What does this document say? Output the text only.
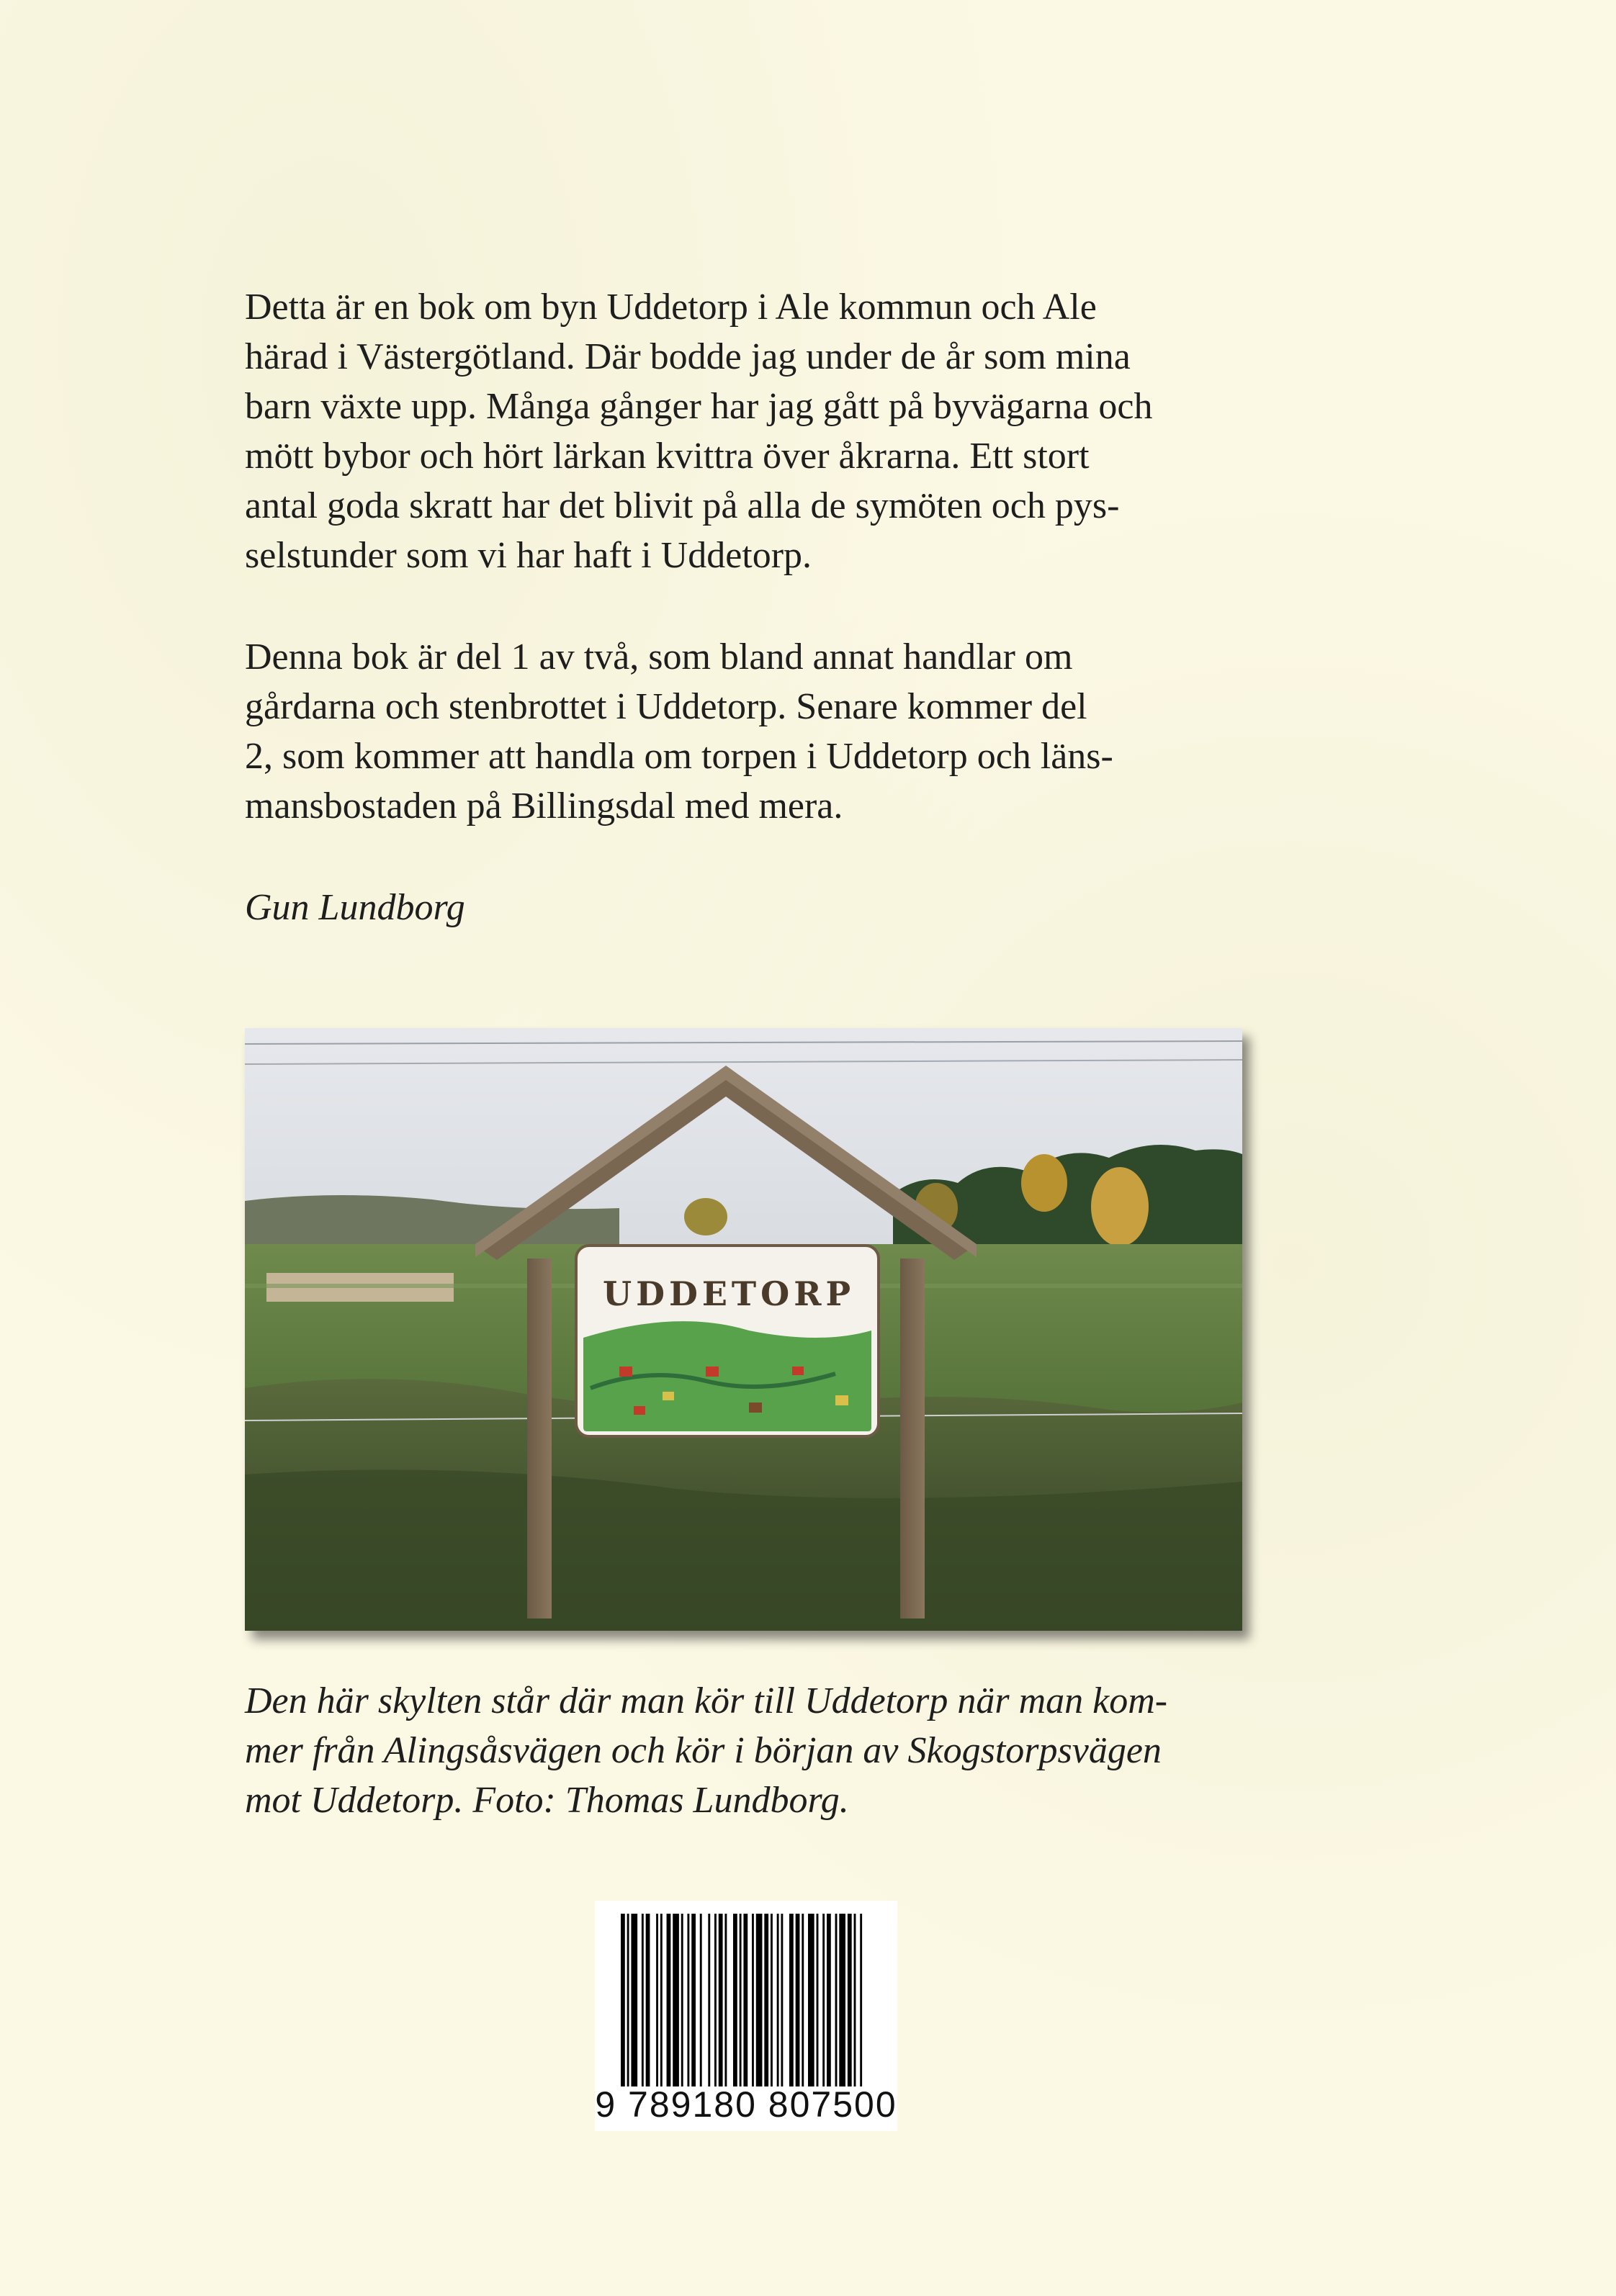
Detta är en bok om byn Uddetorp i Ale kommun och Ale
härad i Västergötland. Där bodde jag under de år som mina
barn växte upp. Många gånger har jag gått på byvägarna och
mött bybor och hört lärkan kvittra över åkrarna. Ett stort
antal goda skratt har det blivit på alla de symöten och pys-
selstunder som vi har haft i Uddetorp.
Denna bok är del 1 av två, som bland annat handlar om
gårdarna och stenbrottet i Uddetorp. Senare kommer del
2, som kommer att handla om torpen i Uddetorp och läns-
mansbostaden på Billingsdal med mera.
Gun Lundborg
UDDETORP
Den här skylten står där man kör till Uddetorp när man kom-
mer från Alingsåsvägen och kör i början av Skogstorpsvägen
mot Uddetorp. Foto: Thomas Lundborg.
9 789180 807500
